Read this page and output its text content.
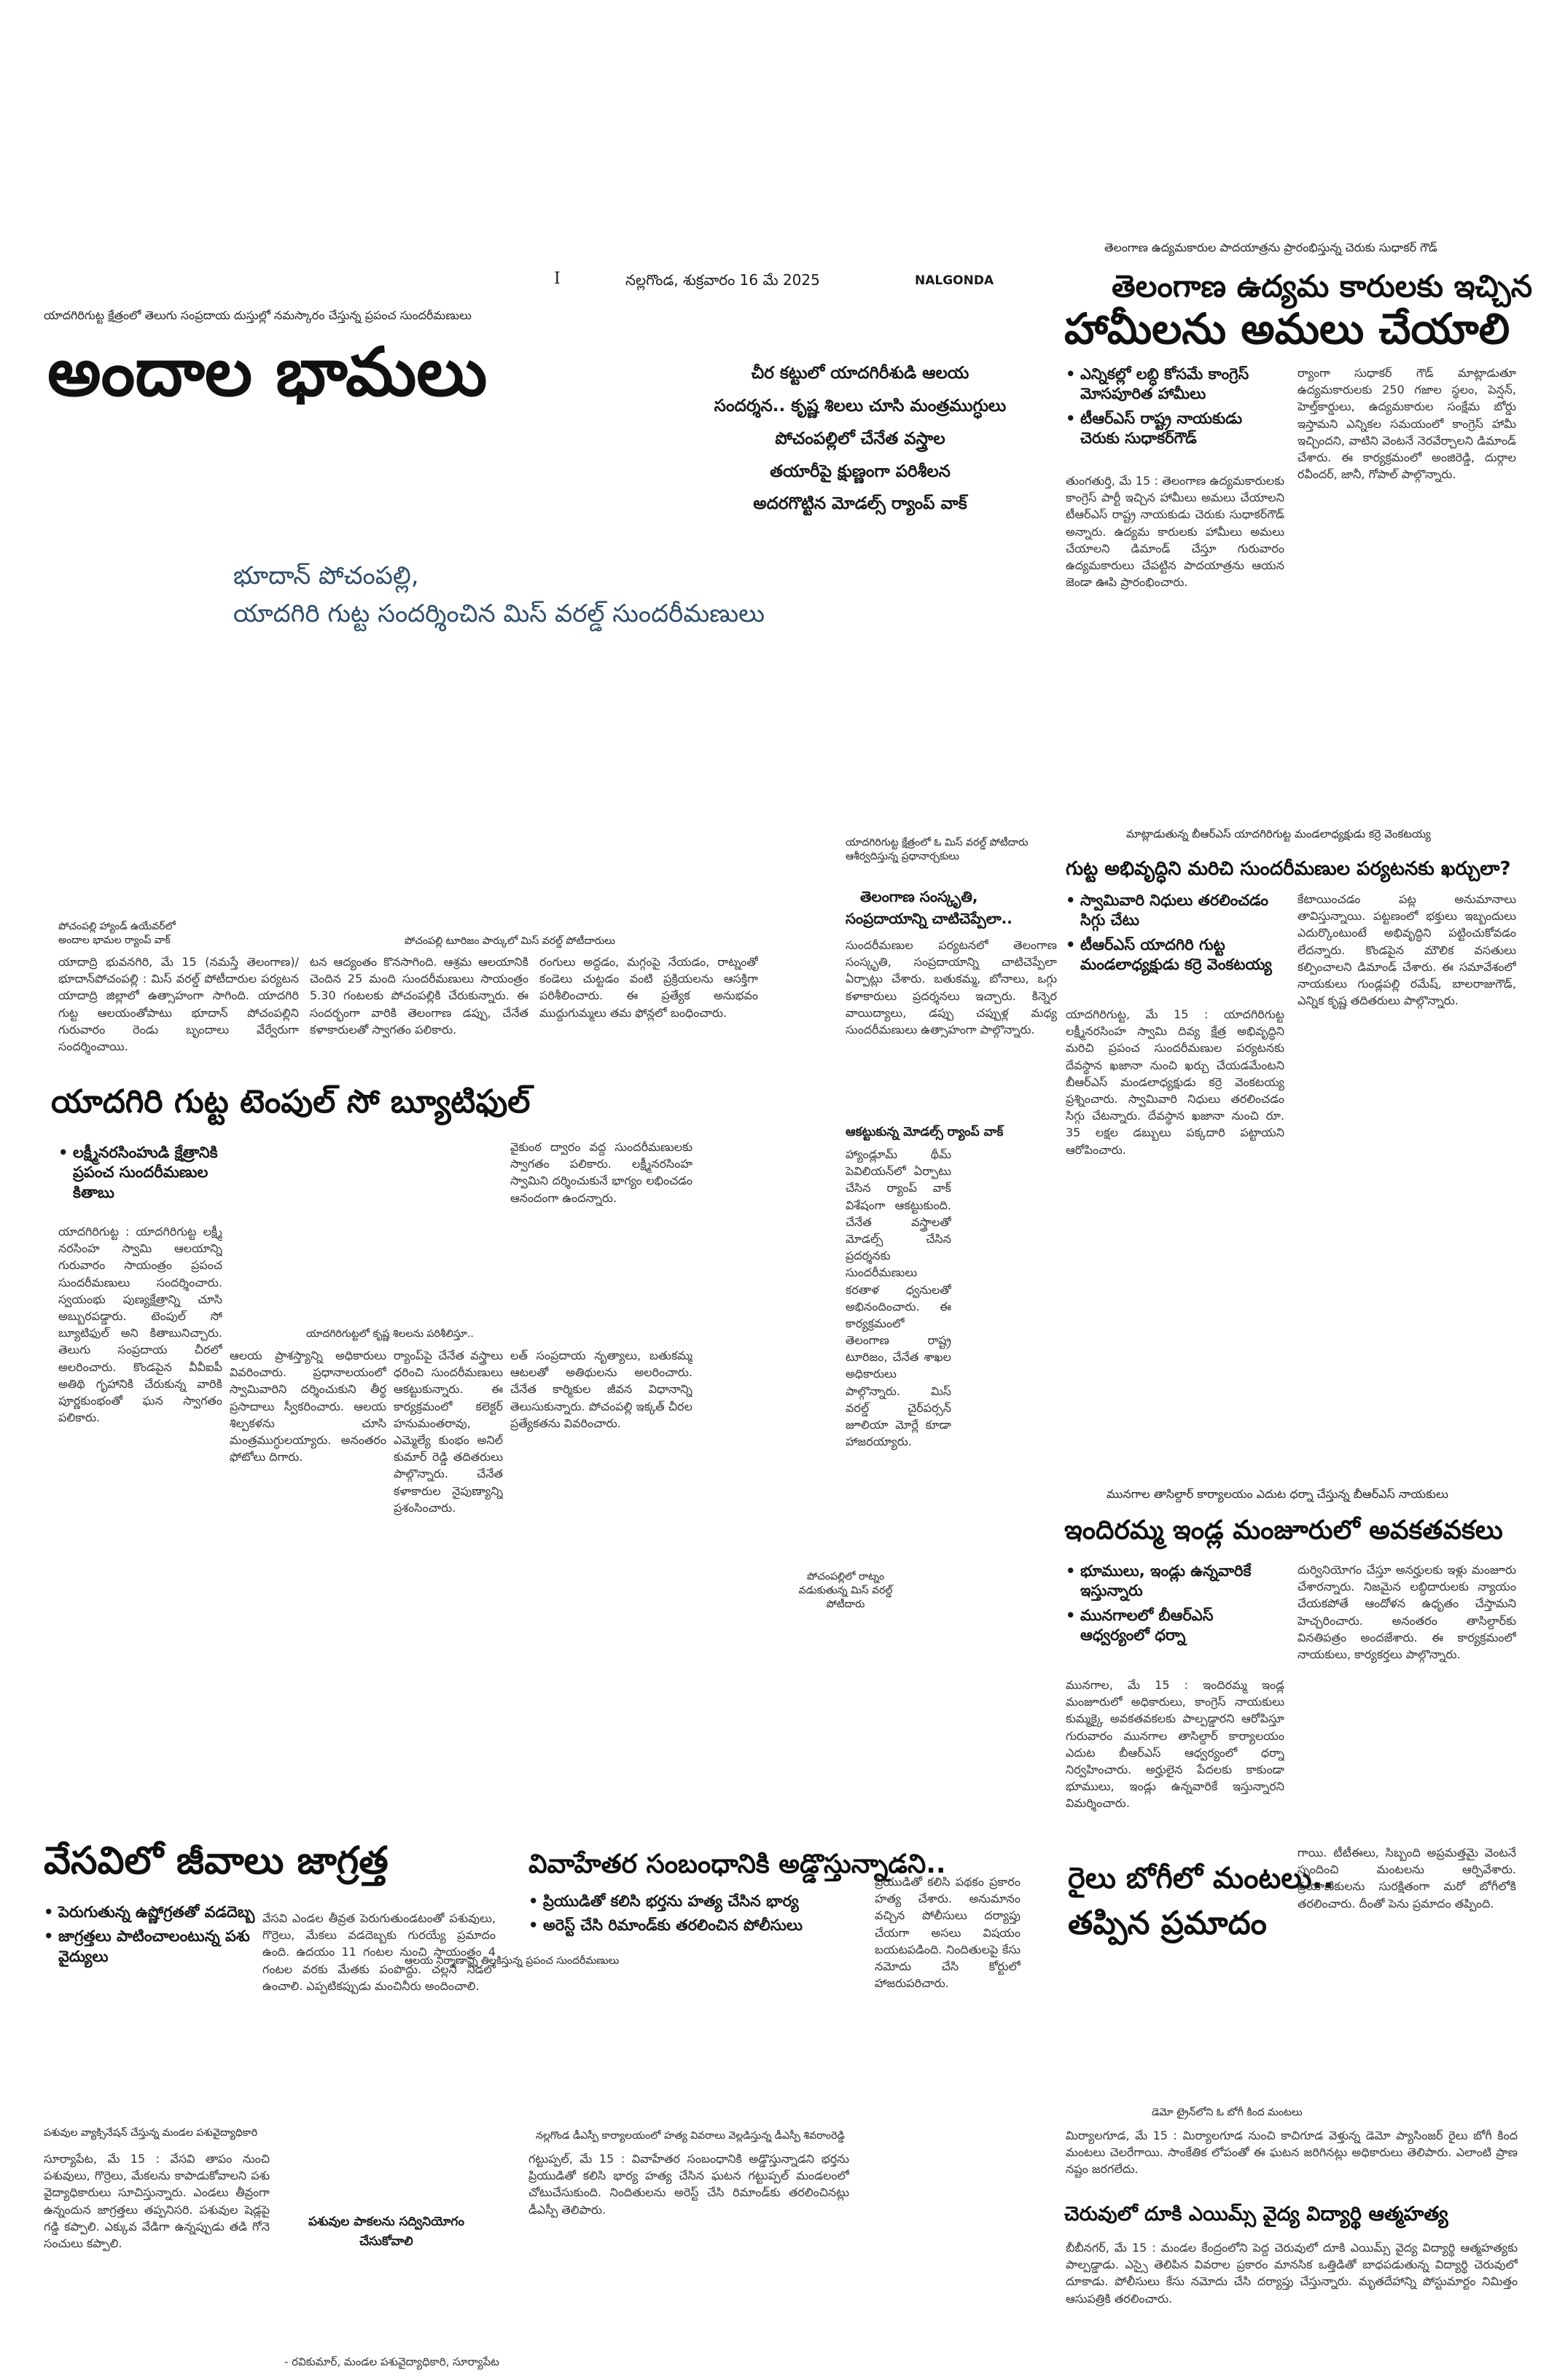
I	నల్లగొండ, శుక్రవారం 16 మే 2025	NALGONDA
యాదగిరిగుట్ట క్షేత్రంలో తెలుగు సంప్రదాయ దుస్తుల్లో నమస్కారం చేస్తున్న ప్రపంచ సుందరీమణులు
అందాల భామలు	చీర కట్టులో యాదగిరీశుడి ఆలయ
సందర్శన.. కృష్ణ శిలలు చూసి మంత్రముగ్ధులు
పోచంపల్లిలో చేనేత వస్త్రాల
తయారీపై క్షుణ్ణంగా పరిశీలన
అదరగొట్టిన మోడల్స్ ర్యాంప్ వాక్
భూదాన్ పోచంపల్లి,
యాదగిరి గుట్ట సందర్శించిన మిస్ వరల్డ్ సుందరీమణులు
తెలంగాణ ఉద్యమకారుల పాదయాత్రను ప్రారంభిస్తున్న చెరుకు సుధాకర్ గౌడ్
తెలంగాణ ఉద్యమ కారులకు ఇచ్చిన
హామీలను అమలు చేయాలి
• ఎన్నికల్లో లబ్ధి కోసమే కాంగ్రెస్ మోసపూరిత హామీలు
• టీఆర్ఎస్ రాష్ట్ర నాయకుడు చెరుకు సుధాకర్‌గౌడ్
తుంగతుర్తి, మే 15 : తెలంగాణ ఉద్యమకారులకు కాంగ్రెస్ పార్టీ ఇచ్చిన హామీలు అమలు చేయాలని టీఆర్ఎస్ రాష్ట్ర నాయకుడు చెరుకు సుధాకర్‌గౌడ్ అన్నారు. ఉద్యమ కారులకు హామీలు అమలు చేయాలని డిమాండ్ చేస్తూ గురువారం ఉద్యమకారులు చేపట్టిన పాదయాత్రను ఆయన జెండా ఊపి ప్రారంభించారు.
ర్యాంగా సుధాకర్ గౌడ్ మాట్లాడుతూ ఉద్యమకారులకు 250 గజాల స్థలం, పెన్షన్, హెల్త్‌కార్డులు, ఉద్యమకారుల సంక్షేమ బోర్డు ఇస్తామని ఎన్నికల సమయంలో కాంగ్రెస్ హామీ ఇచ్చిందని, వాటిని వెంటనే నెరవేర్చాలని డిమాండ్ చేశారు. ఈ కార్యక్రమంలో అంజిరెడ్డి, దుర్గాల రవీందర్, జానీ, గోపాల్ పాల్గొన్నారు.
యాదగిరిగుట్ట క్షేత్రంలో ఓ మిస్ వరల్డ్ పోటీదారు ఆశీర్వదిస్తున్న ప్రధానార్చకులు
తెలంగాణ సంస్కృతి,
సంప్రదాయాన్ని చాటిచెప్పేలా..
సుందరీమణుల పర్యటనలో తెలంగాణ సంస్కృతి, సంప్రదాయాన్ని చాటిచెప్పేలా ఏర్పాట్లు చేశారు. బతుకమ్మ, బోనాలు, ఒగ్గు కళాకారులు ప్రదర్శనలు ఇచ్చారు. కిన్నెర వాయిద్యాలు, డప్పు చప్పుళ్ల మధ్య సుందరీమణులు ఉత్సాహంగా పాల్గొన్నారు.
ఆకట్టుకున్న మోడల్స్ ర్యాంప్ వాక్
హ్యాండ్లూమ్ థీమ్ పెవిలియన్‌లో ఏర్పాటు చేసిన ర్యాంప్ వాక్ విశేషంగా ఆకట్టుకుంది. చేనేత వస్త్రాలతో మోడల్స్ చేసిన ప్రదర్శనకు సుందరీమణులు కరతాళ ధ్వనులతో అభినందించారు. ఈ కార్యక్రమంలో తెలంగాణ రాష్ట్ర టూరిజం, చేనేత శాఖల అధికారులు పాల్గొన్నారు. మిస్ వరల్డ్ చైర్‌పర్సన్ జూలియా మోర్లే కూడా హాజరయ్యారు.
మాట్లాడుతున్న బీఆర్ఎస్ యాదగిరిగుట్ట మండలాధ్యక్షుడు కర్రె వెంకటయ్య
గుట్ట అభివృద్ధిని మరిచి సుందరీమణుల పర్యటనకు ఖర్చులా?
• స్వామివారి నిధులు తరలించడం సిగ్గు చేటు
• టీఆర్ఎస్ యాదగిరి గుట్ట మండలాధ్యక్షుడు కర్రె వెంకటయ్య
యాదగిరిగుట్ట, మే 15 : యాదగిరిగుట్ట లక్ష్మీనరసింహ స్వామి దివ్య క్షేత్ర అభివృద్ధిని మరిచి ప్రపంచ సుందరీమణుల పర్యటనకు దేవస్థాన ఖజానా నుంచి ఖర్చు చేయడమేంటని బీఆర్ఎస్ మండలాధ్యక్షుడు కర్రె వెంకటయ్య ప్రశ్నించారు. స్వామివారి నిధులు తరలించడం సిగ్గు చేటన్నారు. దేవస్థాన ఖజానా నుంచి రూ. 35 లక్షల డబ్బులు పక్కదారి పట్టాయని ఆరోపించారు.
కేటాయించడం పట్ల అనుమానాలు తావిస్తున్నాయి. పట్టణంలో భక్తులు ఇబ్బందులు ఎదుర్కొంటుంటే అభివృద్ధిని పట్టించుకోవడం లేదన్నారు. కొండపైన మౌలిక వసతులు కల్పించాలని డిమాండ్ చేశారు. ఈ సమావేశంలో నాయకులు గుండ్లపల్లి రమేష్, బాలరాజుగౌడ్, ఎన్నిక కృష్ణ తదితరులు పాల్గొన్నారు.
పోచంపల్లి హ్యాండ్ ఉయేవర్‌లో అందాల భామల ర్యాంప్ వాక్	పోచంపల్లి టూరిజం పార్కులో మిస్ వరల్డ్ పోటీదారులు
యాదాద్రి భువనగిరి, మే 15 (నమస్తే తెలంగాణ)/ భూదాన్‌పోచంపల్లి : మిస్ వరల్డ్ పోటీదారుల పర్యటన యాదాద్రి జిల్లాలో ఉత్సాహంగా సాగింది. యాదగిరి గుట్ట ఆలయంతోపాటు భూదాన్ పోచంపల్లిని గురువారం రెండు బృందాలు వేర్వేరుగా సందర్శించాయి.
టన ఆద్యంతం కొనసాగింది. ఆశ్రమ ఆలయానికి చెందిన 25 మంది సుందరీమణులు సాయంత్రం 5.30 గంటలకు పోచంపల్లికి చేరుకున్నారు. ఈ సందర్భంగా వారికి తెలంగాణ డప్పు, చేనేత కళాకారులతో స్వాగతం పలికారు.
రంగులు అద్దడం, మగ్గంపై నేయడం, రాట్నంతో కండెలు చుట్టడం వంటి ప్రక్రియలను ఆసక్తిగా పరిశీలించారు. ఈ ప్రత్యేక అనుభవం ముద్దుగుమ్మలు తమ ఫోన్లలో బంధించారు.
యాదగిరి గుట్ట టెంపుల్ సో బ్యూటిఫుల్
• లక్ష్మీనరసింహుడి క్షేత్రానికి ప్రపంచ సుందరీమణుల కితాబు
యాదగిరిగుట్ట : యాదగిరిగుట్ట లక్ష్మీ నరసింహ స్వామి ఆలయాన్ని గురువారం సాయంత్రం ప్రపంచ సుందరీమణులు సందర్శించారు. స్వయంభు పుణ్యక్షేత్రాన్ని చూసి అబ్బురపడ్డారు. టెంపుల్ సో బ్యూటిఫుల్ అని కితాబునిచ్చారు. తెలుగు సంప్రదాయ చీరలో అలరించారు. కొండపైన వీవీఐపీ అతిథి గృహానికి చేరుకున్న వారికి పూర్ణకుంభంతో ఘన స్వాగతం పలికారు.
ఆలయ ప్రాశస్త్యాన్ని అధికారులు వివరించారు. ప్రధానాలయంలో స్వామివారిని దర్శించుకుని తీర్థ ప్రసాదాలు స్వీకరించారు. ఆలయ శిల్పకళను చూసి మంత్రముగ్ధులయ్యారు. అనంతరం ఫోటోలు దిగారు.
వైకుంఠ ద్వారం వద్ద సుందరీమణులకు స్వాగతం పలికారు. లక్ష్మీనరసింహ స్వామిని దర్శించుకునే భాగ్యం లభించడం ఆనందంగా ఉందన్నారు.
యాదగిరిగుట్టలో కృష్ణ శిలలను పరిశీలిస్తూ..
ర్యాంప్‌పై చేనేత వస్త్రాలు ధరించి సుందరీమణులు ఆకట్టుకున్నారు. ఈ కార్యక్రమంలో కలెక్టర్ హనుమంతరావు, ఎమ్మెల్యే కుంభం అనిల్ కుమార్ రెడ్డి తదితరులు పాల్గొన్నారు. చేనేత కళాకారుల నైపుణ్యాన్ని ప్రశంసించారు.
లత్ సంప్రదాయ నృత్యాలు, బతుకమ్మ ఆటలతో అతిథులను అలరించారు. చేనేత కార్మికుల జీవన విధానాన్ని తెలుసుకున్నారు. పోచంపల్లి ఇక్కత్ చీరల ప్రత్యేకతను వివరించారు.
పోచంపల్లిలో రాట్నం వడుకుతున్న మిస్ వరల్డ్ పోటీదారు
ఆలయ నిర్మాణాన్ని తిలకిస్తున్న ప్రపంచ సుందరీమణులు
మునగాల తాసిల్దార్ కార్యాలయం ఎదుట ధర్నా చేస్తున్న బీఆర్ఎస్ నాయకులు
ఇందిరమ్మ ఇండ్ల మంజూరులో అవకతవకలు
• భూములు, ఇండ్లు ఉన్నవారికే ఇస్తున్నారు
• మునగాలలో బీఆర్ఎస్ ఆధ్వర్యంలో ధర్నా
మునగాల, మే 15 : ఇందిరమ్మ ఇండ్ల మంజూరులో అధికారులు, కాంగ్రెస్ నాయకులు కుమ్మక్కై అవకతవకలకు పాల్పడ్డారని ఆరోపిస్తూ గురువారం మునగాల తాసిల్దార్ కార్యాలయం ఎదుట బీఆర్ఎస్ ఆధ్వర్యంలో ధర్నా నిర్వహించారు. అర్హులైన పేదలకు కాకుండా భూములు, ఇండ్లు ఉన్నవారికే ఇస్తున్నారని విమర్శించారు.
దుర్వినియోగం చేస్తూ అనర్హులకు ఇళ్లు మంజూరు చేశారన్నారు. నిజమైన లబ్ధిదారులకు న్యాయం చేయకపోతే ఆందోళన ఉధృతం చేస్తామని హెచ్చరించారు. అనంతరం తాసిల్దార్‌కు వినతిపత్రం అందజేశారు. ఈ కార్యక్రమంలో నాయకులు, కార్యకర్తలు పాల్గొన్నారు.
వేసవిలో జీవాలు జాగ్రత్త
• పెరుగుతున్న ఉష్ణోగ్రతతో వడదెబ్బ
• జాగ్రత్తలు పాటించాలంటున్న పశు వైద్యులు
వేసవి ఎండల తీవ్రత పెరుగుతుండటంతో పశువులు, గొర్రెలు, మేకలు వడదెబ్బకు గురయ్యే ప్రమాదం ఉంది. ఉదయం 11 గంటల నుంచి సాయంత్రం 4 గంటల వరకు మేతకు పంపొద్దు. చల్లని నీడలో ఉంచాలి. ఎప్పటికప్పుడు మంచినీరు అందించాలి.
పశువుల వ్యాక్సినేషన్ చేస్తున్న మండల పశువైద్యాధికారి
సూర్యాపేట, మే 15 : వేసవి తాపం నుంచి పశువులు, గొర్రెలు, మేకలను కాపాడుకోవాలని పశు వైద్యాధికారులు సూచిస్తున్నారు. ఎండలు తీవ్రంగా ఉన్నందున జాగ్రత్తలు తప్పనిసరి. పశువుల షెడ్లపై గడ్డి కప్పాలి. ఎక్కువ వేడిగా ఉన్నప్పుడు తడి గోనె సంచులు కప్పాలి.
పశువుల పాకలను సద్వినియోగం చేసుకోవాలి
- రవికుమార్, మండల పశువైద్యాధికారి, సూర్యాపేట
వివాహేతర సంబంధానికి అడ్డొస్తున్నాడని..
• ప్రియుడితో కలిసి భర్తను హత్య చేసిన భార్య
• అరెస్ట్ చేసి రిమాండ్‌కు తరలించిన పోలీసులు
నల్లగొండ డీఎస్పీ కార్యాలయంలో హత్య వివరాలు వెల్లడిస్తున్న డీఎస్పీ శివరాంరెడ్డి
గట్టుప్పల్, మే 15 : వివాహేతర సంబంధానికి అడ్డొస్తున్నాడని భర్తను ప్రియుడితో కలిసి భార్య హత్య చేసిన ఘటన గట్టుప్పల్ మండలంలో చోటుచేసుకుంది. నిందితులను అరెస్ట్ చేసి రిమాండ్‌కు తరలించినట్లు డీఎస్పీ తెలిపారు.
ప్రియుడితో కలిసి పథకం ప్రకారం హత్య చేశారు. అనుమానం వచ్చిన పోలీసులు దర్యాప్తు చేయగా అసలు విషయం బయటపడింది. నిందితులపై కేసు నమోదు చేసి కోర్టులో హాజరుపరిచారు.
రైలు బోగీలో మంటలు..
తప్పిన ప్రమాదం
గాయి. టీటీఈలు, సిబ్బంది అప్రమత్తమై వెంటనే స్పందించి మంటలను ఆర్పివేశారు. ప్రయాణికులను సురక్షితంగా మరో బోగీలోకి తరలించారు. దీంతో పెను ప్రమాదం తప్పింది.
డెమో ట్రైన్‌లోని ఓ బోగీ కింద మంటలు
మిర్యాలగూడ, మే 15 : మిర్యాలగూడ నుంచి కాచిగూడ వెళ్తున్న డెమో ప్యాసింజర్ రైలు బోగీ కింద మంటలు చెలరేగాయి. సాంకేతిక లోపంతో ఈ ఘటన జరిగినట్లు అధికారులు తెలిపారు. ఎలాంటి ప్రాణ నష్టం జరగలేదు.
చెరువులో దూకి ఎయిమ్స్ వైద్య విద్యార్థి ఆత్మహత్య
బీబీనగర్, మే 15 : మండల కేంద్రంలోని పెద్ద చెరువులో దూకి ఎయిమ్స్ వైద్య విద్యార్థి ఆత్మహత్యకు పాల్పడ్డాడు. ఎస్సై తెలిపిన వివరాల ప్రకారం మానసిక ఒత్తిడితో బాధపడుతున్న విద్యార్థి చెరువులో దూకాడు. పోలీసులు కేసు నమోదు చేసి దర్యాప్తు చేస్తున్నారు. మృతదేహాన్ని పోస్టుమార్టం నిమిత్తం ఆసుపత్రికి తరలించారు.
